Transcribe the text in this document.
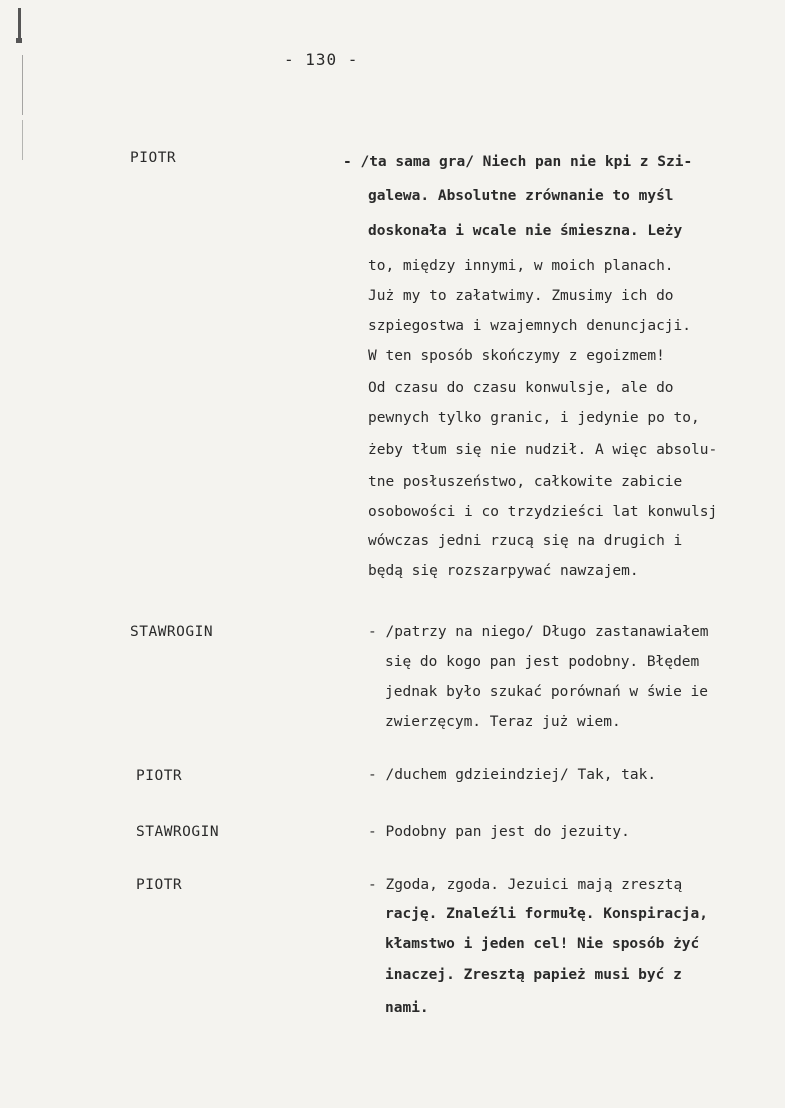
- 130 -
PIOTR	- /ta sama gra/ Niech pan nie kpi z Szi-
galewa. Absolutne zrównanie to myśl
doskonała i wcale nie śmieszna. Leży
to, między innymi, w moich planach.
Już my to załatwimy. Zmusimy ich do
szpiegostwa i wzajemnych denuncjacji.
W ten sposób skończymy z egoizmem!
Od czasu do czasu konwulsje, ale do
pewnych tylko granic, i jedynie po to,
żeby tłum się nie nudził. A więc absolu-
tne posłuszeństwo, całkowite zabicie
osobowości i co trzydzieści lat konwulsj
wówczas jedni rzucą się na drugich i
będą się rozszarpywać nawzajem.
STAWROGIN	- /patrzy na niego/ Długo zastanawiałem
się do kogo pan jest podobny. Błędem
jednak było szukać porównań w świe ie
zwierzęcym. Teraz już wiem.
PIOTR	- /duchem gdzieindziej/ Tak, tak.
STAWROGIN	- Podobny pan jest do jezuity.
PIOTR	- Zgoda, zgoda. Jezuici mają zresztą
rację. Znaleźli formułę. Konspiracja,
kłamstwo i jeden cel! Nie sposób żyć
inaczej. Zresztą papież musi być z
nami.
